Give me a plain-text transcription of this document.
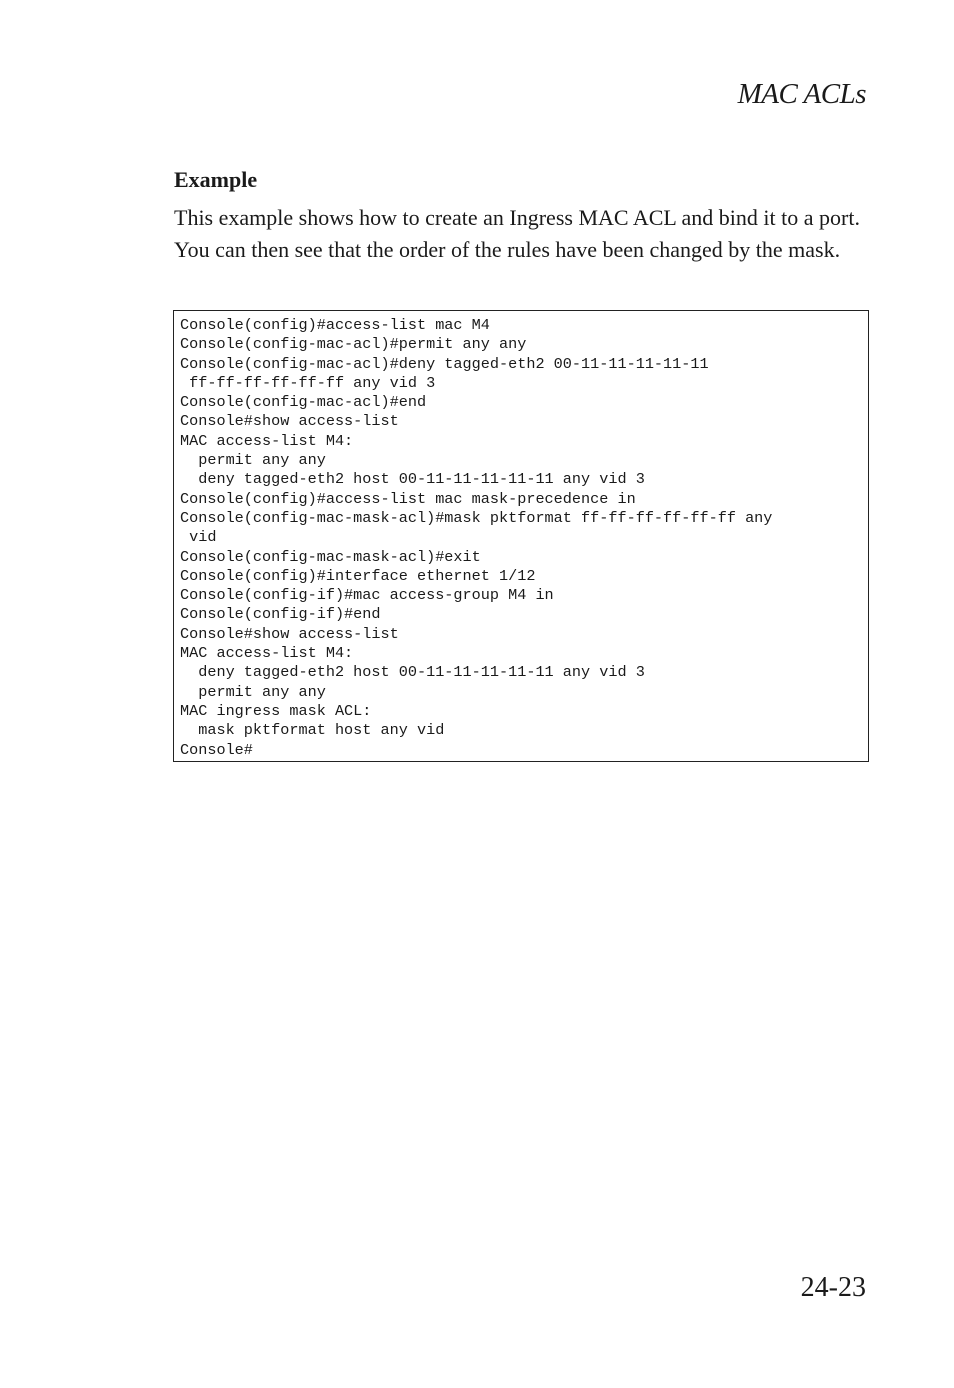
MAC ACLs
Example
This example shows how to create an Ingress MAC ACL and bind it to a port. You can then see that the order of the rules have been changed by the mask.
Console(config)#access-list mac M4
Console(config-mac-acl)#permit any any
Console(config-mac-acl)#deny tagged-eth2 00-11-11-11-11-11
ff-ff-ff-ff-ff-ff any vid 3
Console(config-mac-acl)#end
Console#show access-list
MAC access-list M4:
permit any any
deny tagged-eth2 host 00-11-11-11-11-11 any vid 3
Console(config)#access-list mac mask-precedence in
Console(config-mac-mask-acl)#mask pktformat ff-ff-ff-ff-ff-ff any
vid
Console(config-mac-mask-acl)#exit
Console(config)#interface ethernet 1/12
Console(config-if)#mac access-group M4 in
Console(config-if)#end
Console#show access-list
MAC access-list M4:
deny tagged-eth2 host 00-11-11-11-11-11 any vid 3
permit any any
MAC ingress mask ACL:
mask pktformat host any vid
Console#
24-23
